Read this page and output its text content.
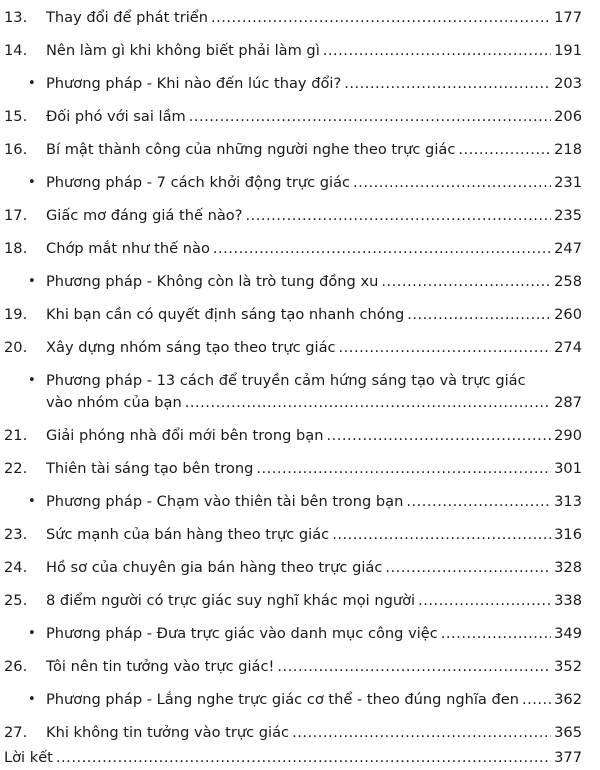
13.	Thay đổi để phát triển .....	177
14.	Nên làm gì khi không biết phải làm gì .....	191
• Phương pháp - Khi nào đến lúc thay đổi? .....	203
15.	Đối phó với sai lầm .....	206
16.	Bí mật thành công của những người nghe theo trực giác .....	218
• Phương pháp - 7 cách khởi động trực giác .....	231
17.	Giấc mơ đáng giá thế nào? .....	235
18.	Chớp mắt như thế nào .....	247
• Phương pháp - Không còn là trò tung đồng xu .....	258
19.	Khi bạn cần có quyết định sáng tạo nhanh chóng .....	260
20.	Xây dựng nhóm sáng tạo theo trực giác .....	274
• Phương pháp - 13 cách để truyền cảm hứng sáng tạo và trực giác
vào nhóm của bạn .....	287
21.	Giải phóng nhà đổi mới bên trong bạn .....	290
22.	Thiên tài sáng tạo bên trong .....	301
• Phương pháp - Chạm vào thiên tài bên trong bạn .....	313
23.	Sức mạnh của bán hàng theo trực giác .....	316
24.	Hồ sơ của chuyên gia bán hàng theo trực giác .....	328
25.	8 điểm người có trực giác suy nghĩ khác mọi người .....	338
• Phương pháp - Đưa trực giác vào danh mục công việc .....	349
26.	Tôi nên tin tưởng vào trực giác! .....	352
• Phương pháp - Lắng nghe trực giác cơ thể - theo đúng nghĩa đen ..... 362
27.	Khi không tin tưởng vào trực giác .....	365
Lời kết .....	377
